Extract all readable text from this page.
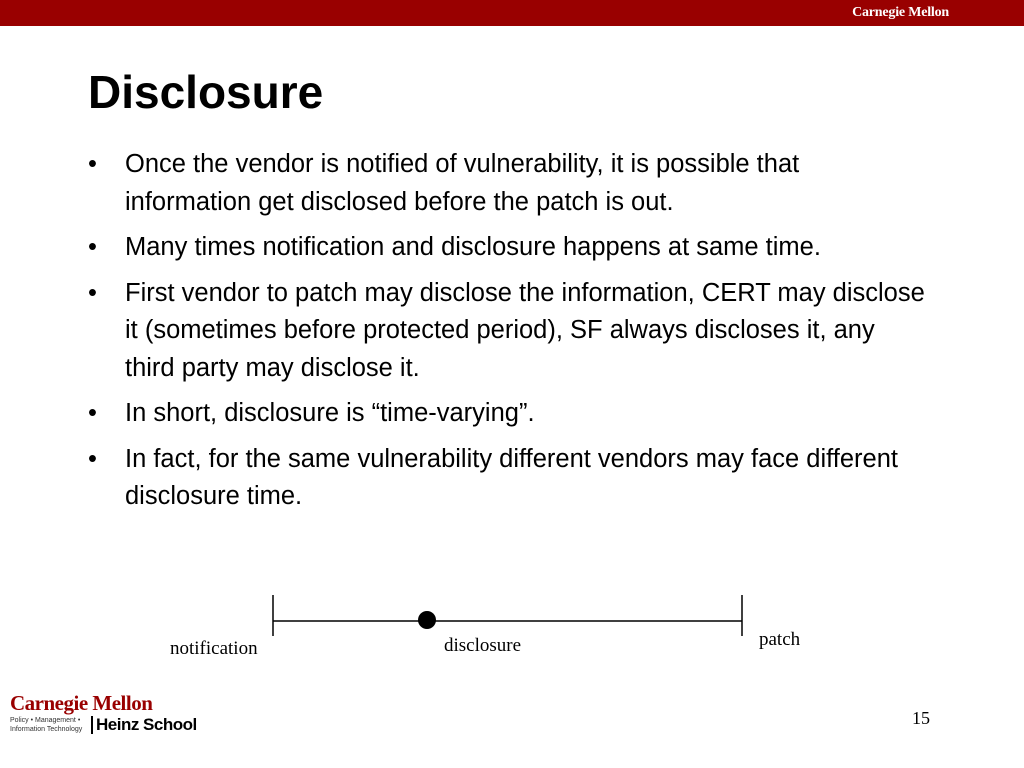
Carnegie Mellon
Disclosure
• Once the vendor is notified of vulnerability, it is possible that information get disclosed before the patch is out.
• Many times notification and disclosure happens at same time.
• First vendor to patch may disclose the information, CERT may disclose it (sometimes before protected period), SF always discloses it, any third party may disclose it.
• In short, disclosure is “time-varying”.
• In fact, for the same vulnerability different vendors may face different disclosure time.
notification	disclosure	patch
Carnegie Mellon
Policy • Management • Information Technology Heinz School	15
